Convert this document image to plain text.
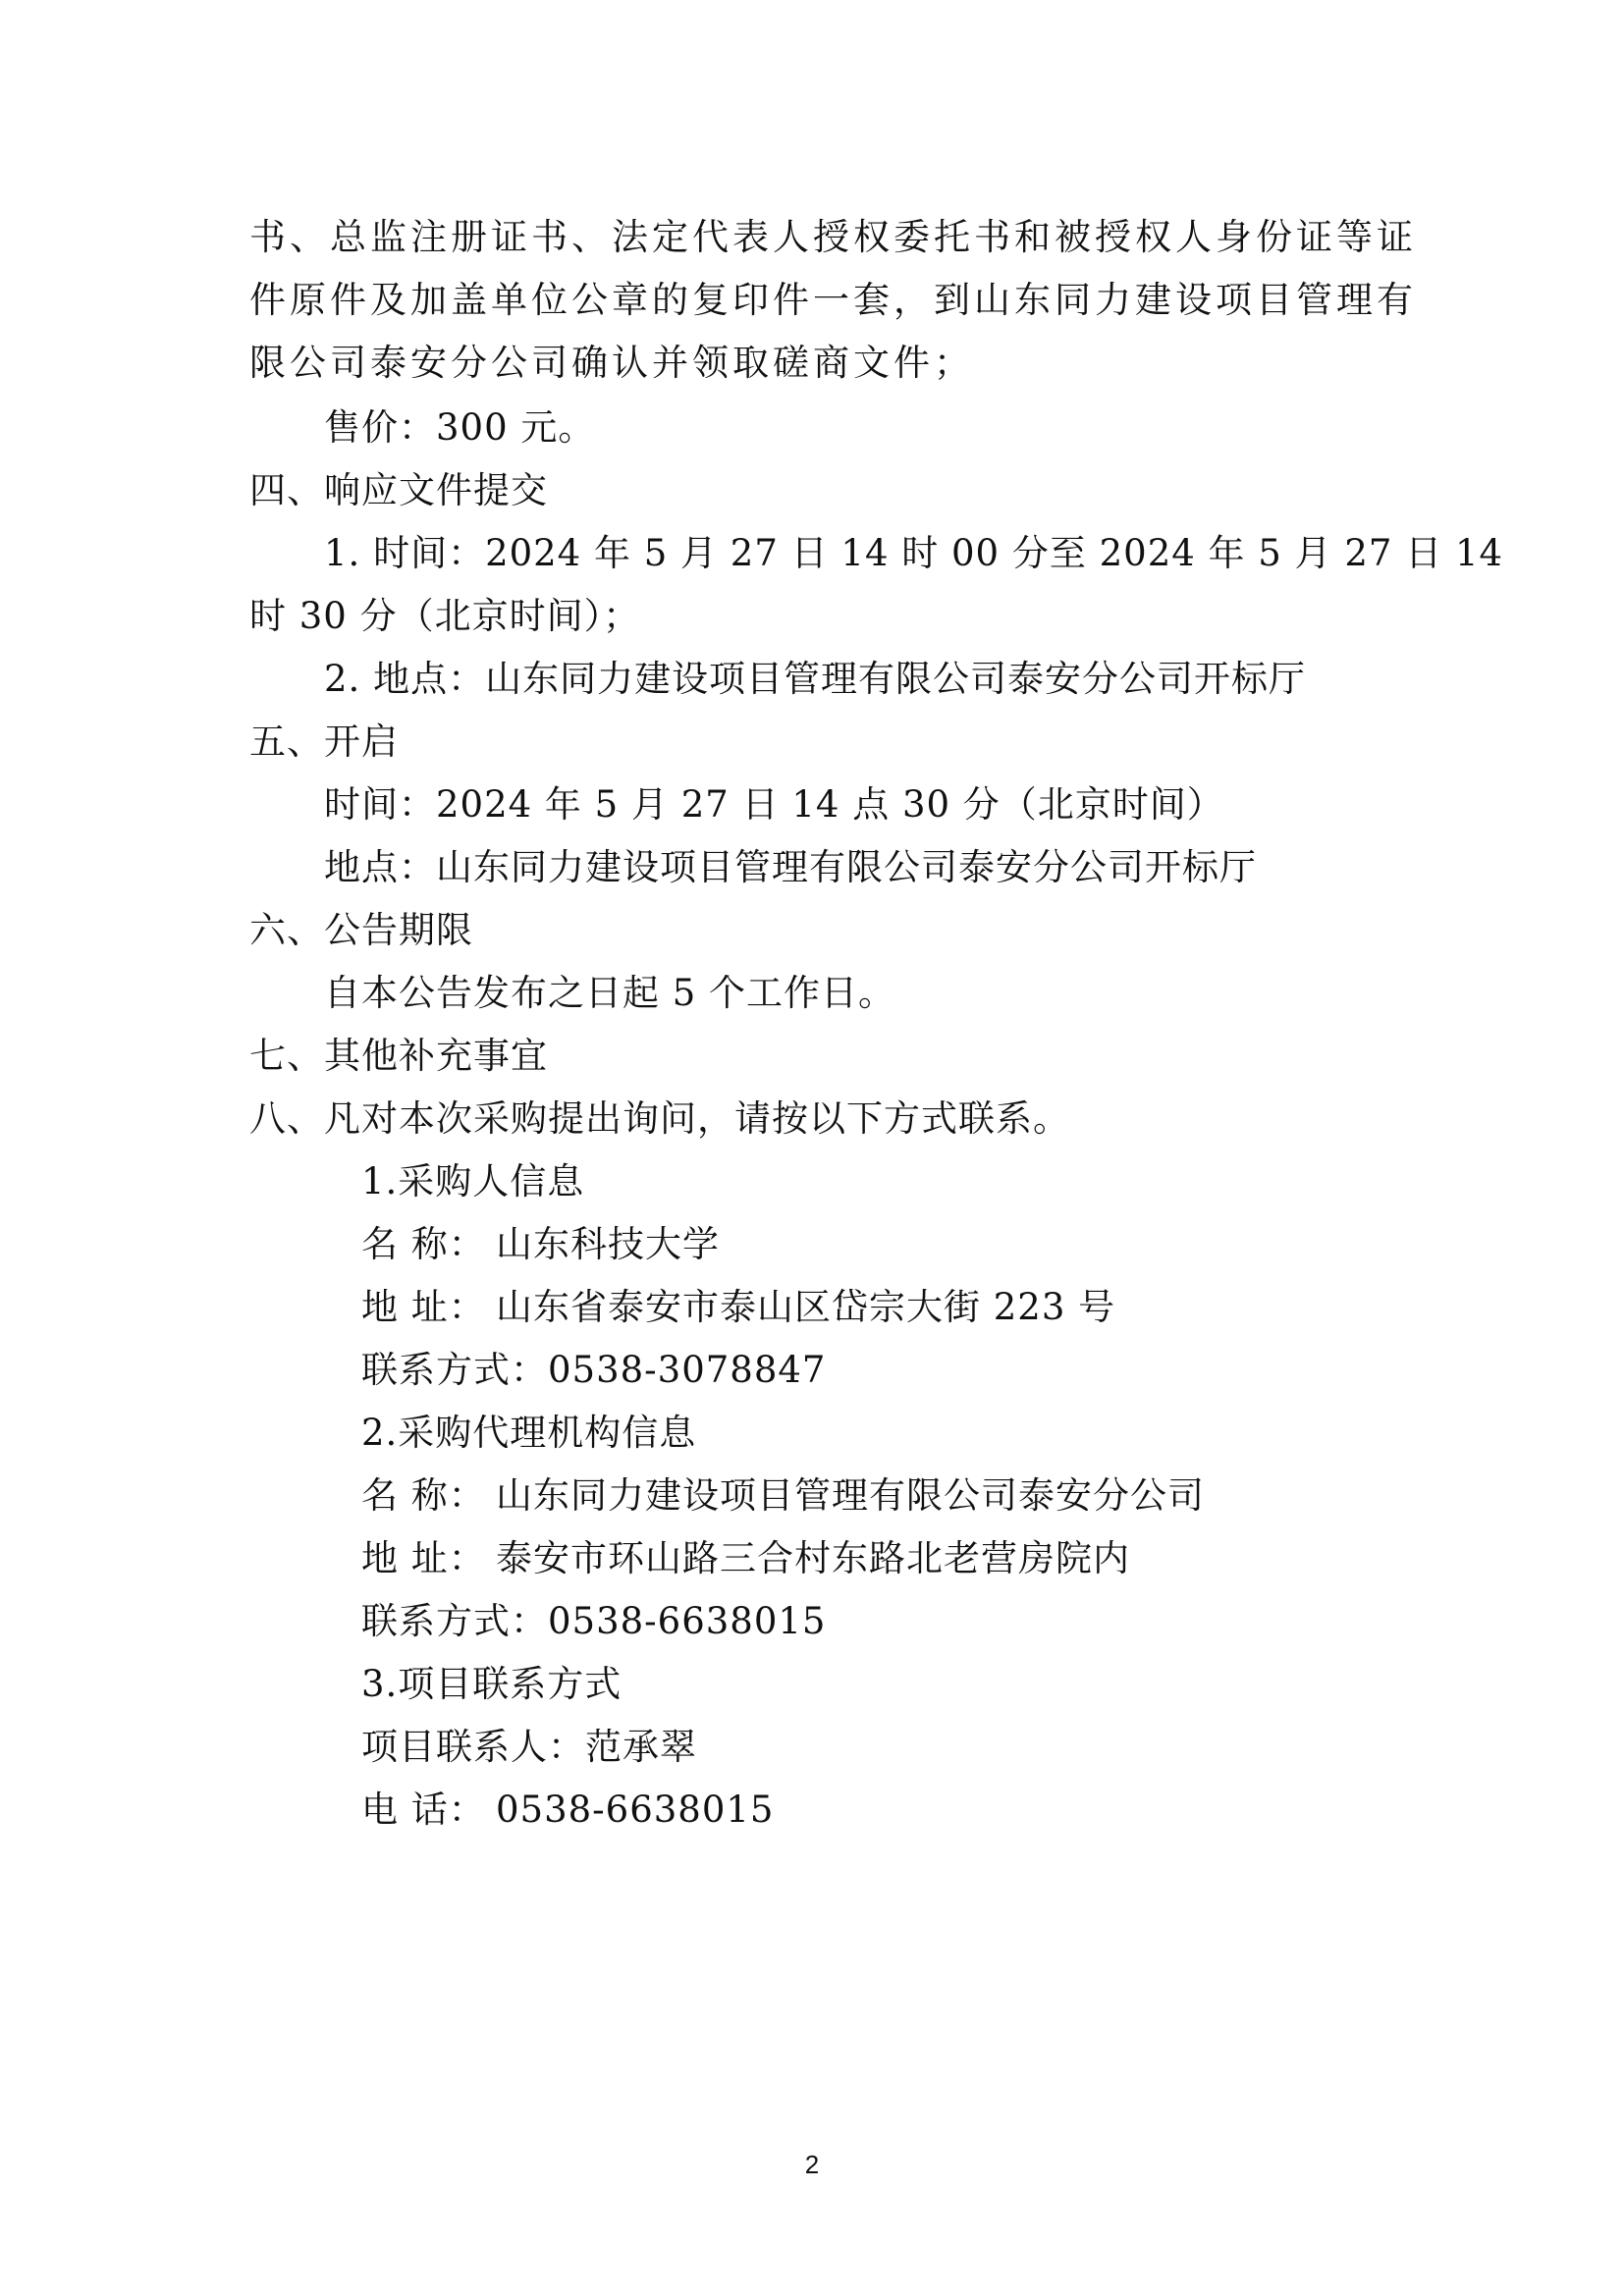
书、总监注册证书、法定代表人授权委托书和被授权人身份证等证
件原件及加盖单位公章的复印件一套，到山东同力建设项目管理有
限公司泰安分公司确认并领取磋商文件；
售价：300 元。
四、响应文件提交
1. 时间：2024 年 5 月 27 日 14 时 00 分至 2024 年 5 月 27 日 14
时 30 分（北京时间）；
2. 地点：山东同力建设项目管理有限公司泰安分公司开标厅
五、开启
时间：2024 年 5 月 27 日 14 点 30 分（北京时间）
地点：山东同力建设项目管理有限公司泰安分公司开标厅
六、公告期限
自本公告发布之日起 5 个工作日。
七、其他补充事宜
八、凡对本次采购提出询问，请按以下方式联系。
1.采购人信息
名 称： 山东科技大学
地 址： 山东省泰安市泰山区岱宗大街 223 号
联系方式：0538-3078847
2.采购代理机构信息
名 称： 山东同力建设项目管理有限公司泰安分公司
地 址： 泰安市环山路三合村东路北老营房院内
联系方式：0538-6638015
3.项目联系方式
项目联系人：范承翠
电 话： 0538-6638015
2
